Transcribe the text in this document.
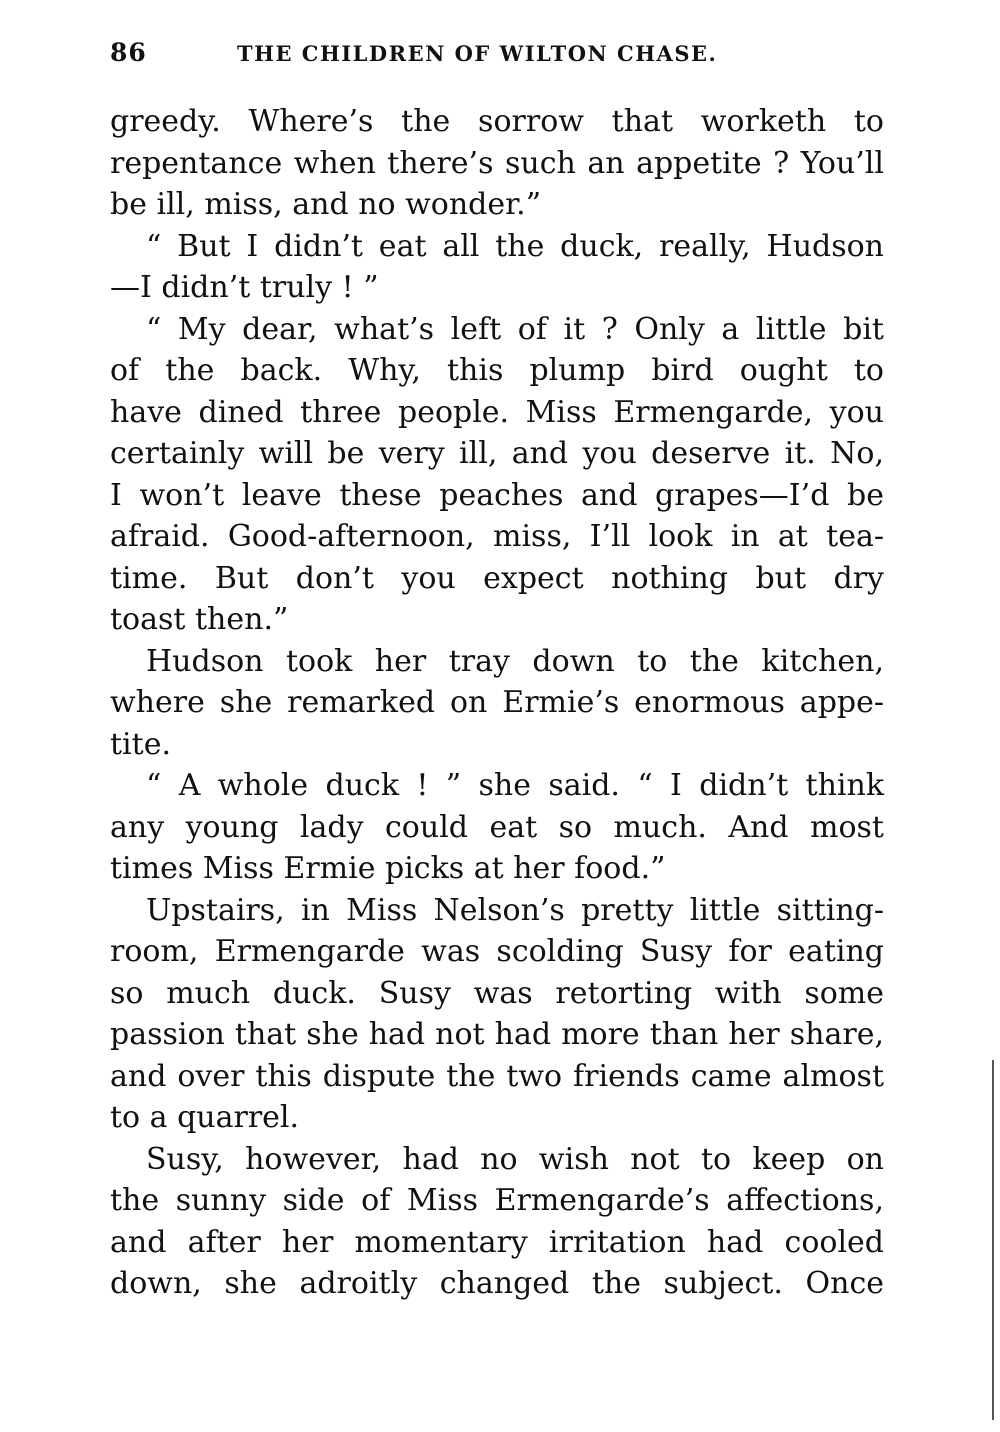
86	THE CHILDREN OF WILTON CHASE.
greedy. Where’s the sorrow that worketh to
repentance when there’s such an appetite ? You’ll
be ill, miss, and no wonder.”
“ But I didn’t eat all the duck, really, Hudson
—I didn’t truly ! ”
“ My dear, what’s left of it ? Only a little bit
of the back. Why, this plump bird ought to
have dined three people. Miss Ermengarde, you
certainly will be very ill, and you deserve it. No,
I won’t leave these peaches and grapes—I’d be
afraid. Good-afternoon, miss, I’ll look in at tea-
time. But don’t you expect nothing but dry
toast then.”
Hudson took her tray down to the kitchen,
where she remarked on Ermie’s enormous appe-
tite.
“ A whole duck ! ” she said. “ I didn’t think
any young lady could eat so much. And most
times Miss Ermie picks at her food.”
Upstairs, in Miss Nelson’s pretty little sitting-
room, Ermengarde was scolding Susy for eating
so much duck. Susy was retorting with some
passion that she had not had more than her share,
and over this dispute the two friends came almost
to a quarrel.
Susy, however, had no wish not to keep on
the sunny side of Miss Ermengarde’s affections,
and after her momentary irritation had cooled
down, she adroitly changed the subject. Once
